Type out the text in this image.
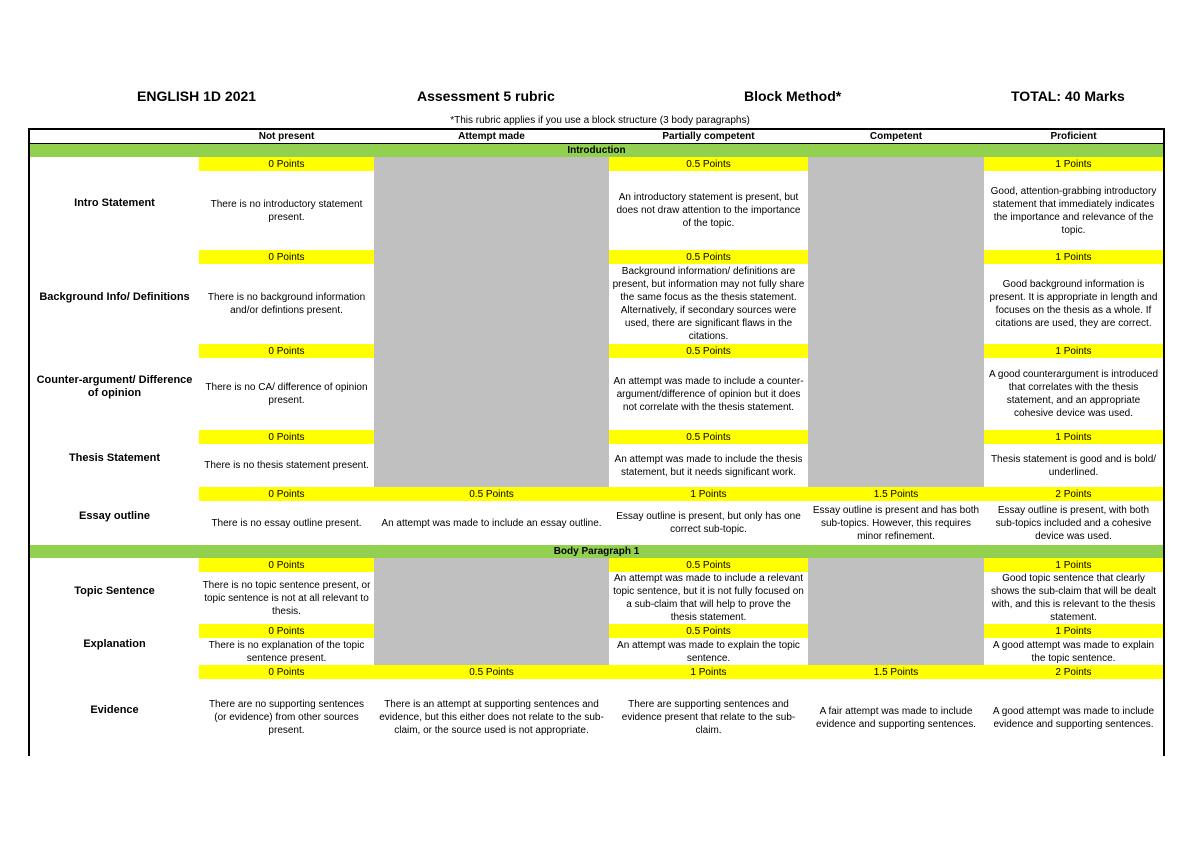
ENGLISH 1D 2021	Assessment 5 rubric	Block Method*	TOTAL: 40 Marks
*This rubric applies if you use a block structure (3 body paragraphs)
	Not present	Attempt made	Partially competent	Competent	Proficient
Introduction					
Intro Statement	0 Points		0.5 Points		1 Points
	There is no introductory statement present.		An introductory statement is present, but does not draw attention to the importance of the topic.		Good, attention-grabbing introductory statement that immediately indicates the importance and relevance of the topic.
Background Info/ Definitions	0 Points		0.5 Points		1 Points
	There is no background information and/or defintions present.		Background information/ definitions are present, but information may not fully share the same focus as the thesis statement. Alternatively, if secondary sources were used, there are significant flaws in the citations.		Good background information is present. It is appropriate in length and focuses on the thesis as a whole. If citations are used, they are correct.
Counter-argument/ Difference of opinion	0 Points		0.5 Points		1 Points
	There is no CA/ difference of opinion present.		An attempt was made to include a counter-argument/difference of opinion but it does not correlate with the thesis statement.		A good counterargument is introduced that correlates with the thesis statement, and an appropriate cohesive device was used.
Thesis Statement	0 Points		0.5 Points		1 Points
	There is no thesis statement present.		An attempt was made to include the thesis statement, but it needs significant work.		Thesis statement is good and is bold/ underlined.
Essay outline	0 Points	0.5 Points	1 Points	1.5 Points	2 Points
	There is no essay outline present.	An attempt was made to include an essay outline.	Essay outline is present, but only has one correct sub-topic.	Essay outline is present and has both sub-topics. However, this requires minor refinement.	Essay outline is present, with both sub-topics included and a cohesive device was used.
Body Paragraph 1					
Topic Sentence	0 Points		0.5 Points		1 Points
	There is no topic sentence present, or topic sentence is not at all relevant to thesis.		An attempt was made to include a relevant topic sentence, but it is not fully focused on a sub-claim that will help to prove the thesis statement.		Good topic sentence that clearly shows the sub-claim that will be dealt with, and this is relevant to the thesis statement.
Explanation	0 Points		0.5 Points		1 Points
	There is no explanation of the topic sentence present.		An attempt was made to explain the topic sentence.		A good attempt was made to explain the topic sentence.
Evidence	0 Points	0.5 Points	1 Points	1.5 Points	2 Points
	There are no supporting sentences (or evidence) from other sources present.	There is an attempt at supporting sentences and evidence, but this either does not relate to the sub-claim, or the source used is not appropriate.	There are supporting sentences and evidence present that relate to the sub-claim.	A fair attempt was made to include evidence and supporting sentences.	A good attempt was made to include evidence and supporting sentences.
